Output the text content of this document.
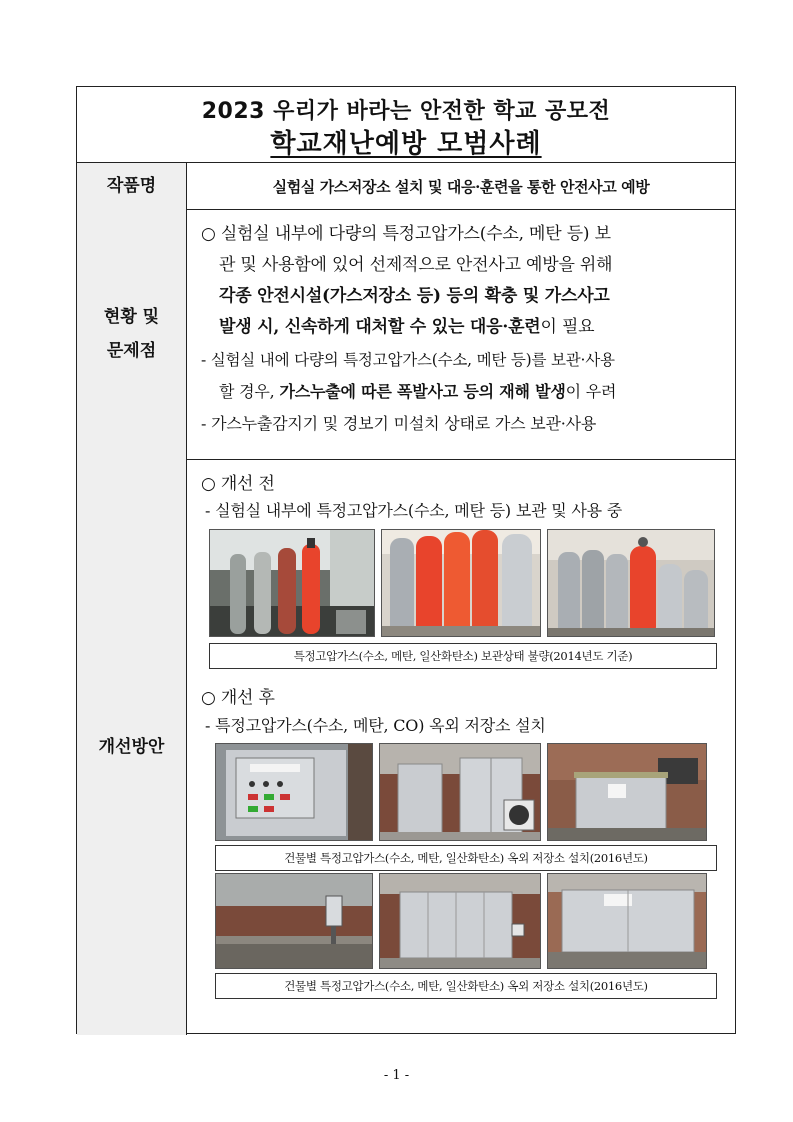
2023 우리가 바라는 안전한 학교 공모전
학교재난예방 모범사례
작품명	실험실 가스저장소 설치 및 대응·훈련을 통한 안전사고 예방
현황 및
문제점
○ 실험실 내부에 다량의 특정고압가스(수소, 메탄 등) 보
관 및 사용함에 있어 선제적으로 안전사고 예방을 위해
각종 안전시설(가스저장소 등) 등의 확충 및 가스사고
발생 시, 신속하게 대처할 수 있는 대응·훈련이 필요
- 실험실 내에 다량의 특정고압가스(수소, 메탄 등)를 보관·사용
할 경우, 가스누출에 따른 폭발사고 등의 재해 발생이 우려
- 가스누출감지기 및 경보기 미설치 상태로 가스 보관·사용
개선방안
○ 개선 전
- 실험실 내부에 특정고압가스(수소, 메탄 등) 보관 및 사용 중
특정고압가스(수소, 메탄, 일산화탄소) 보관상태 불량(2014년도 기준)
○ 개선 후
- 특정고압가스(수소, 메탄, CO) 옥외 저장소 설치
건물별 특정고압가스(수소, 메탄, 일산화탄소) 옥외 저장소 설치(2016년도)
건물별 특정고압가스(수소, 메탄, 일산화탄소) 옥외 저장소 설치(2016년도)
- 1 -
